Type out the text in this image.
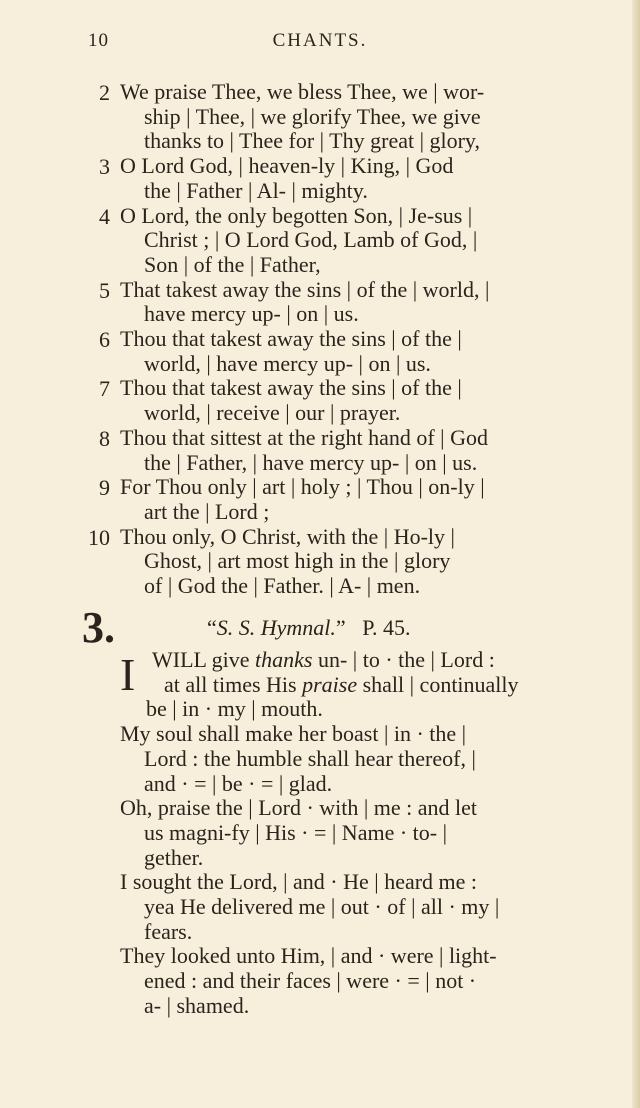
10	CHANTS.
2 We praise Thee, we bless Thee, we | wor-
ship | Thee, | we glorify Thee, we give
thanks to | Thee for | Thy great | glory,
3 O Lord God, | heaven-ly | King, | God
the | Father | Al- | mighty.
4 O Lord, the only begotten Son, | Je-sus |
Christ ; | O Lord God, Lamb of God, |
Son | of the | Father,
5 That takest away the sins | of the | world, |
have mercy up- | on | us.
6 Thou that takest away the sins | of the |
world, | have mercy up- | on | us.
7 Thou that takest away the sins | of the |
world, | receive | our | prayer.
8 Thou that sittest at the right hand of | God
the | Father, | have mercy up- | on | us.
9 For Thou only | art | holy ; | Thou | on-ly |
art the | Lord ;
10 Thou only, O Christ, with the | Ho-ly |
Ghost, | art most high in the | glory
of | God the | Father. | A- | men.
3.	“S. S. Hymnal.” P. 45.
I WILL give thanks un- | to · the | Lord :
at all times His praise shall | continually
be | in · my | mouth.
My soul shall make her boast | in · the |
Lord : the humble shall hear thereof, |
and · = | be · = | glad.
Oh, praise the | Lord · with | me : and let
us magni-fy | His · = | Name · to- |
gether.
I sought the Lord, | and · He | heard me :
yea He delivered me | out · of | all · my |
fears.
They looked unto Him, | and · were | light-
ened : and their faces | were · = | not ·
a- | shamed.
